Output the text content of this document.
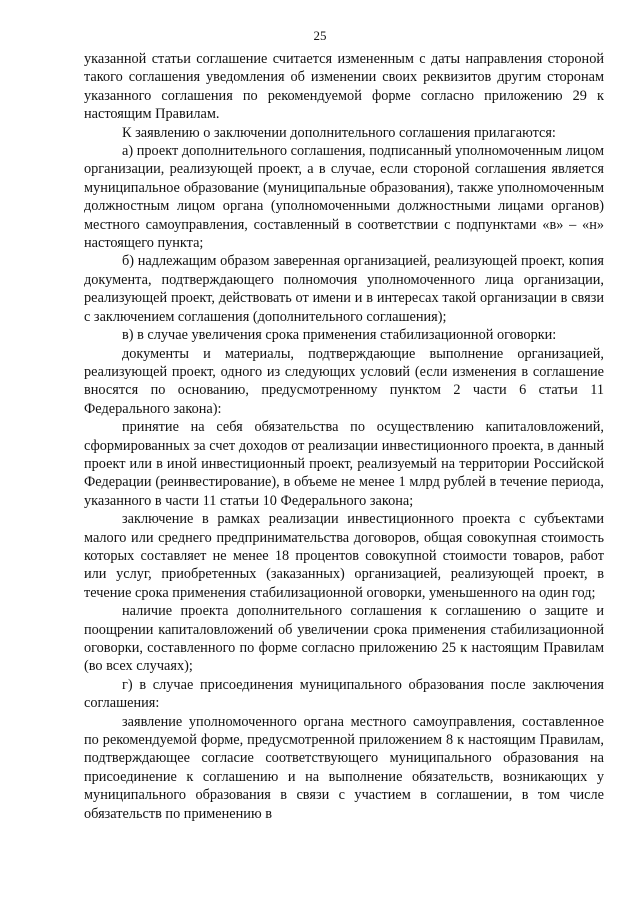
25

указанной статьи соглашение считается измененным с даты направления стороной такого соглашения уведомления об изменении своих реквизитов другим сторонам указанного соглашения по рекомендуемой форме согласно приложению 29 к настоящим Правилам.

К заявлению о заключении дополнительного соглашения прилагаются:

а) проект дополнительного соглашения, подписанный уполномоченным лицом организации, реализующей проект, а в случае, если стороной соглашения является муниципальное образование (муниципальные образования), также уполномоченным должностным лицом органа (уполномоченными должностными лицами органов) местного самоуправления, составленный в соответствии с подпунктами «в» – «н» настоящего пункта;

б) надлежащим образом заверенная организацией, реализующей проект, копия документа, подтверждающего полномочия уполномоченного лица организации, реализующей проект, действовать от имени и в интересах такой организации в связи с заключением соглашения (дополнительного соглашения);

в) в случае увеличения срока применения стабилизационной оговорки:

документы и материалы, подтверждающие выполнение организацией, реализующей проект, одного из следующих условий (если изменения в соглашение вносятся по основанию, предусмотренному пунктом 2 части 6 статьи 11 Федерального закона):

принятие на себя обязательства по осуществлению капиталовложений, сформированных за счет доходов от реализации инвестиционного проекта, в данный проект или в иной инвестиционный проект, реализуемый на территории Российской Федерации (реинвестирование), в объеме не менее 1 млрд рублей в течение периода, указанного в части 11 статьи 10 Федерального закона;

заключение в рамках реализации инвестиционного проекта с субъектами малого или среднего предпринимательства договоров, общая совокупная стоимость которых составляет не менее 18 процентов совокупной стоимости товаров, работ или услуг, приобретенных (заказанных) организацией, реализующей проект, в течение срока применения стабилизационной оговорки, уменьшенного на один год;

наличие проекта дополнительного соглашения к соглашению о защите и поощрении капиталовложений об увеличении срока применения стабилизационной оговорки, составленного по форме согласно приложению 25 к настоящим Правилам (во всех случаях);

г) в случае присоединения муниципального образования после заключения соглашения:

заявление уполномоченного органа местного самоуправления, составленное по рекомендуемой форме, предусмотренной приложением 8 к настоящим Правилам, подтверждающее согласие соответствующего муниципального образования на присоединение к соглашению и на выполнение обязательств, возникающих у муниципального образования в связи с участием в соглашении, в том числе обязательств по применению в
